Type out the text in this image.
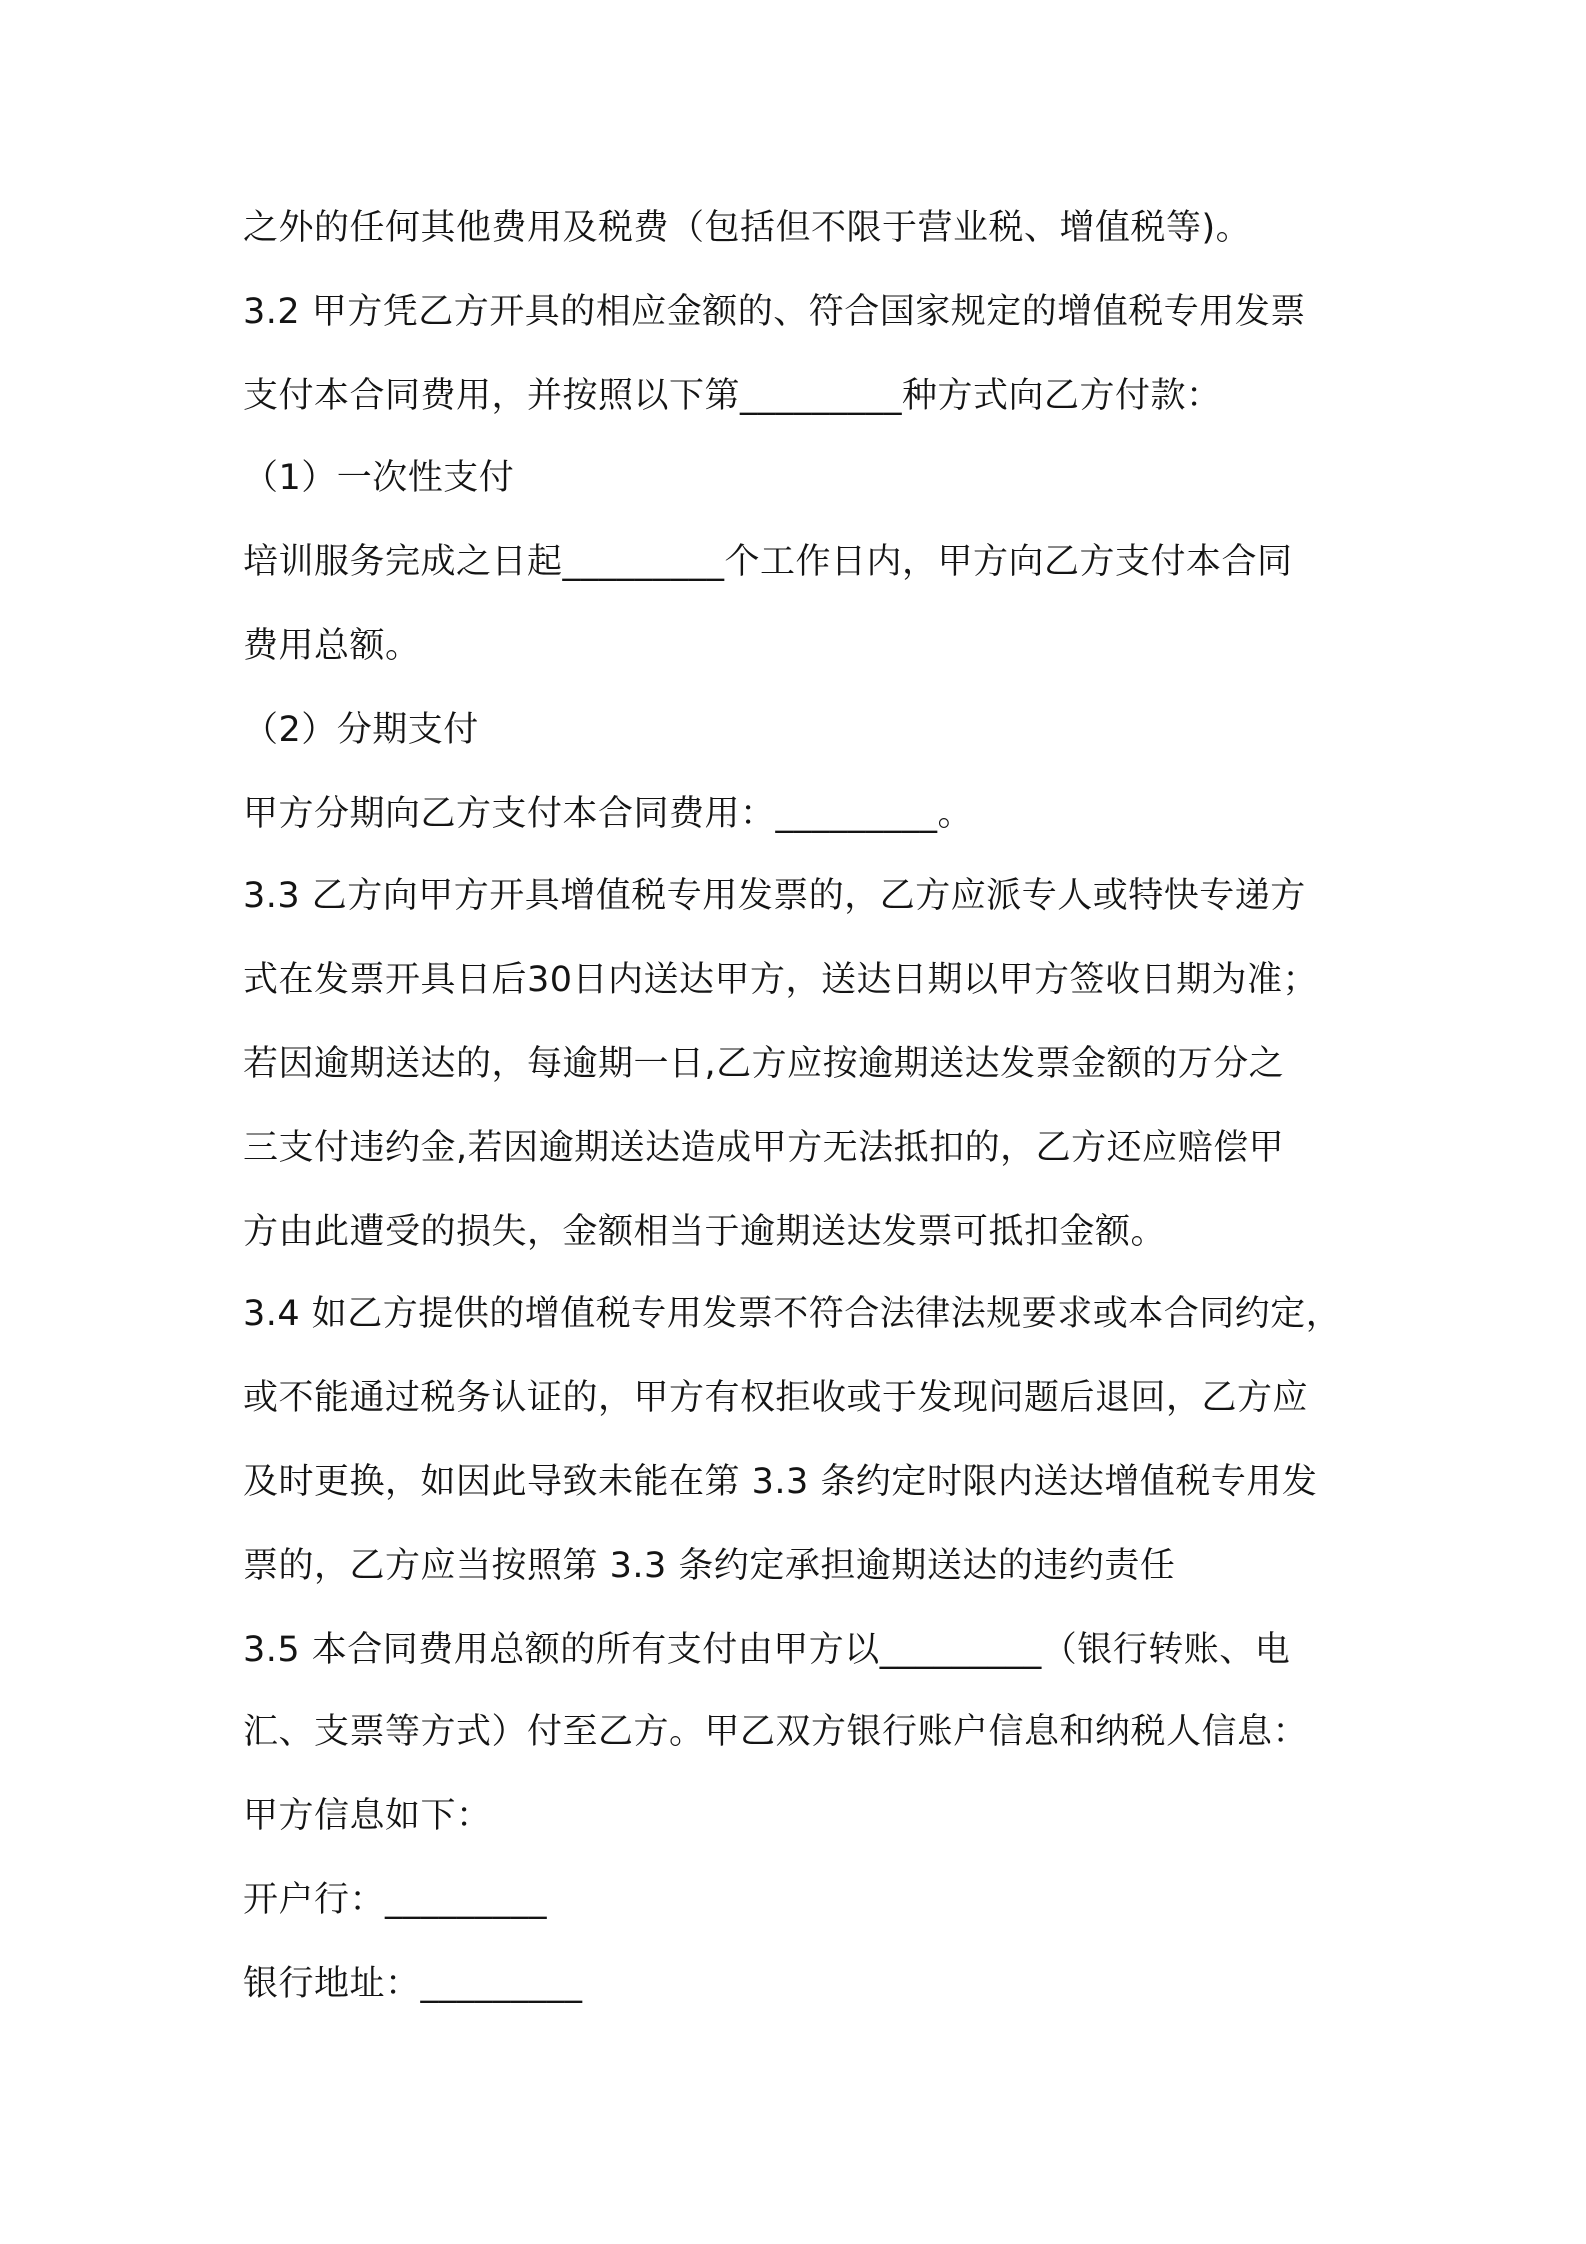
之外的任何其他费用及税费（包括但不限于营业税、增值税等)。
3.2 甲方凭乙方开具的相应金额的、符合国家规定的增值税专用发票
支付本合同费用，并按照以下第_________种方式向乙方付款：
（1）一次性支付
培训服务完成之日起_________个工作日内，甲方向乙方支付本合同
费用总额。
（2）分期支付
甲方分期向乙方支付本合同费用：_________。
3.3 乙方向甲方开具增值税专用发票的，乙方应派专人或特快专递方
式在发票开具日后30日内送达甲方，送达日期以甲方签收日期为准；
若因逾期送达的，每逾期一日,乙方应按逾期送达发票金额的万分之
三支付违约金,若因逾期送达造成甲方无法抵扣的，乙方还应赔偿甲
方由此遭受的损失，金额相当于逾期送达发票可抵扣金额。
3.4 如乙方提供的增值税专用发票不符合法律法规要求或本合同约定，
或不能通过税务认证的，甲方有权拒收或于发现问题后退回，乙方应
及时更换，如因此导致未能在第 3.3 条约定时限内送达增值税专用发
票的，乙方应当按照第 3.3 条约定承担逾期送达的违约责任
3.5 本合同费用总额的所有支付由甲方以_________（银行转账、电
汇、支票等方式）付至乙方。甲乙双方银行账户信息和纳税人信息：
甲方信息如下：
开户行：_________
银行地址：_________
